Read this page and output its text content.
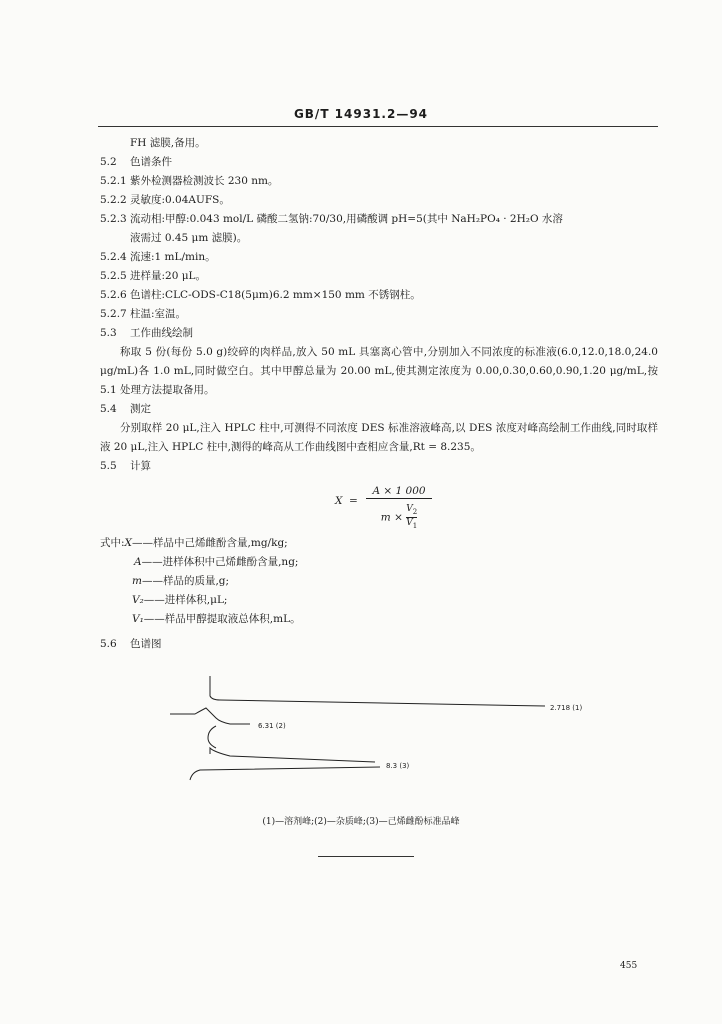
GB/T 14931.2—94
FH 滤膜,备用。
5.2 色谱条件
5.2.1 紫外检测器检测波长 230 nm。
5.2.2 灵敏度:0.04AUFS。
5.2.3 流动相:甲醇:0.043 mol/L 磷酸二氢钠:70/30,用磷酸调 pH=5(其中 NaH₂PO₄ · 2H₂O 水溶
液需过 0.45 μm 滤膜)。
5.2.4 流速:1 mL/min。
5.2.5 进样量:20 μL。
5.2.6 色谱柱:CLC-ODS-C18(5μm)6.2 mm×150 mm 不锈钢柱。
5.2.7 柱温:室温。
5.3 工作曲线绘制
称取 5 份(每份 5.0 g)绞碎的肉样品,放入 50 mL 具塞离心管中,分别加入不同浓度的标准液(6.0,12.0,18.0,24.0 μg/mL)各 1.0 mL,同时做空白。其中甲醇总量为 20.00 mL,使其测定浓度为 0.00,0.30,0.60,0.90,1.20 μg/mL,按 5.1 处理方法提取备用。
5.4 测定
分别取样 20 μL,注入 HPLC 柱中,可测得不同浓度 DES 标准溶液峰高,以 DES 浓度对峰高绘制工作曲线,同时取样液 20 μL,注入 HPLC 柱中,测得的峰高从工作曲线图中查相应含量,Rt = 8.235。
5.5 计算
X =
A × 1 000
$m \times V_2$

$V_1$
式中:X——样品中己烯雌酚含量,mg/kg;
A——进样体积中己烯雌酚含量,ng;
m——样品的质量,g;
V₂——进样体积,μL;
V₁——样品甲醇提取液总体积,mL。
5.6 色谱图
2.718 (1)
6.31 (2)
8.3 (3)
(1)—溶剂峰;(2)—杂质峰;(3)—己烯雌酚标准品峰
455
